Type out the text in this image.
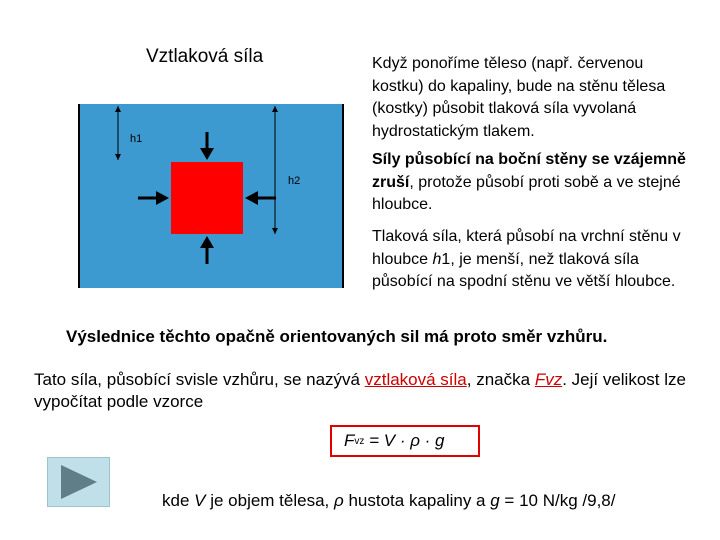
Vztlaková síla
h1
h2
Když ponoříme těleso (např. červenou kostku) do kapaliny, bude na stěnu tělesa (kostky) působit tlaková síla vyvolaná hydrostatickým tlakem.
Síly působící na boční stěny se vzájemně zruší, protože působí proti sobě a ve stejné hloubce.
Tlaková síla, která působí na vrchní stěnu v hloubce h1, je menší, než tlaková síla působící na spodní stěnu ve větší hloubce.
Výslednice těchto opačně orientovaných sil má proto směr vzhůru.
Tato síla, působící svisle vzhůru, se nazývá vztlaková síla, značka Fvz. Její velikost lze vypočítat podle vzorce
F vz = V · ρ · g
kde V je objem tělesa, ρ hustota kapaliny a g = 10 N/kg /9,8/
